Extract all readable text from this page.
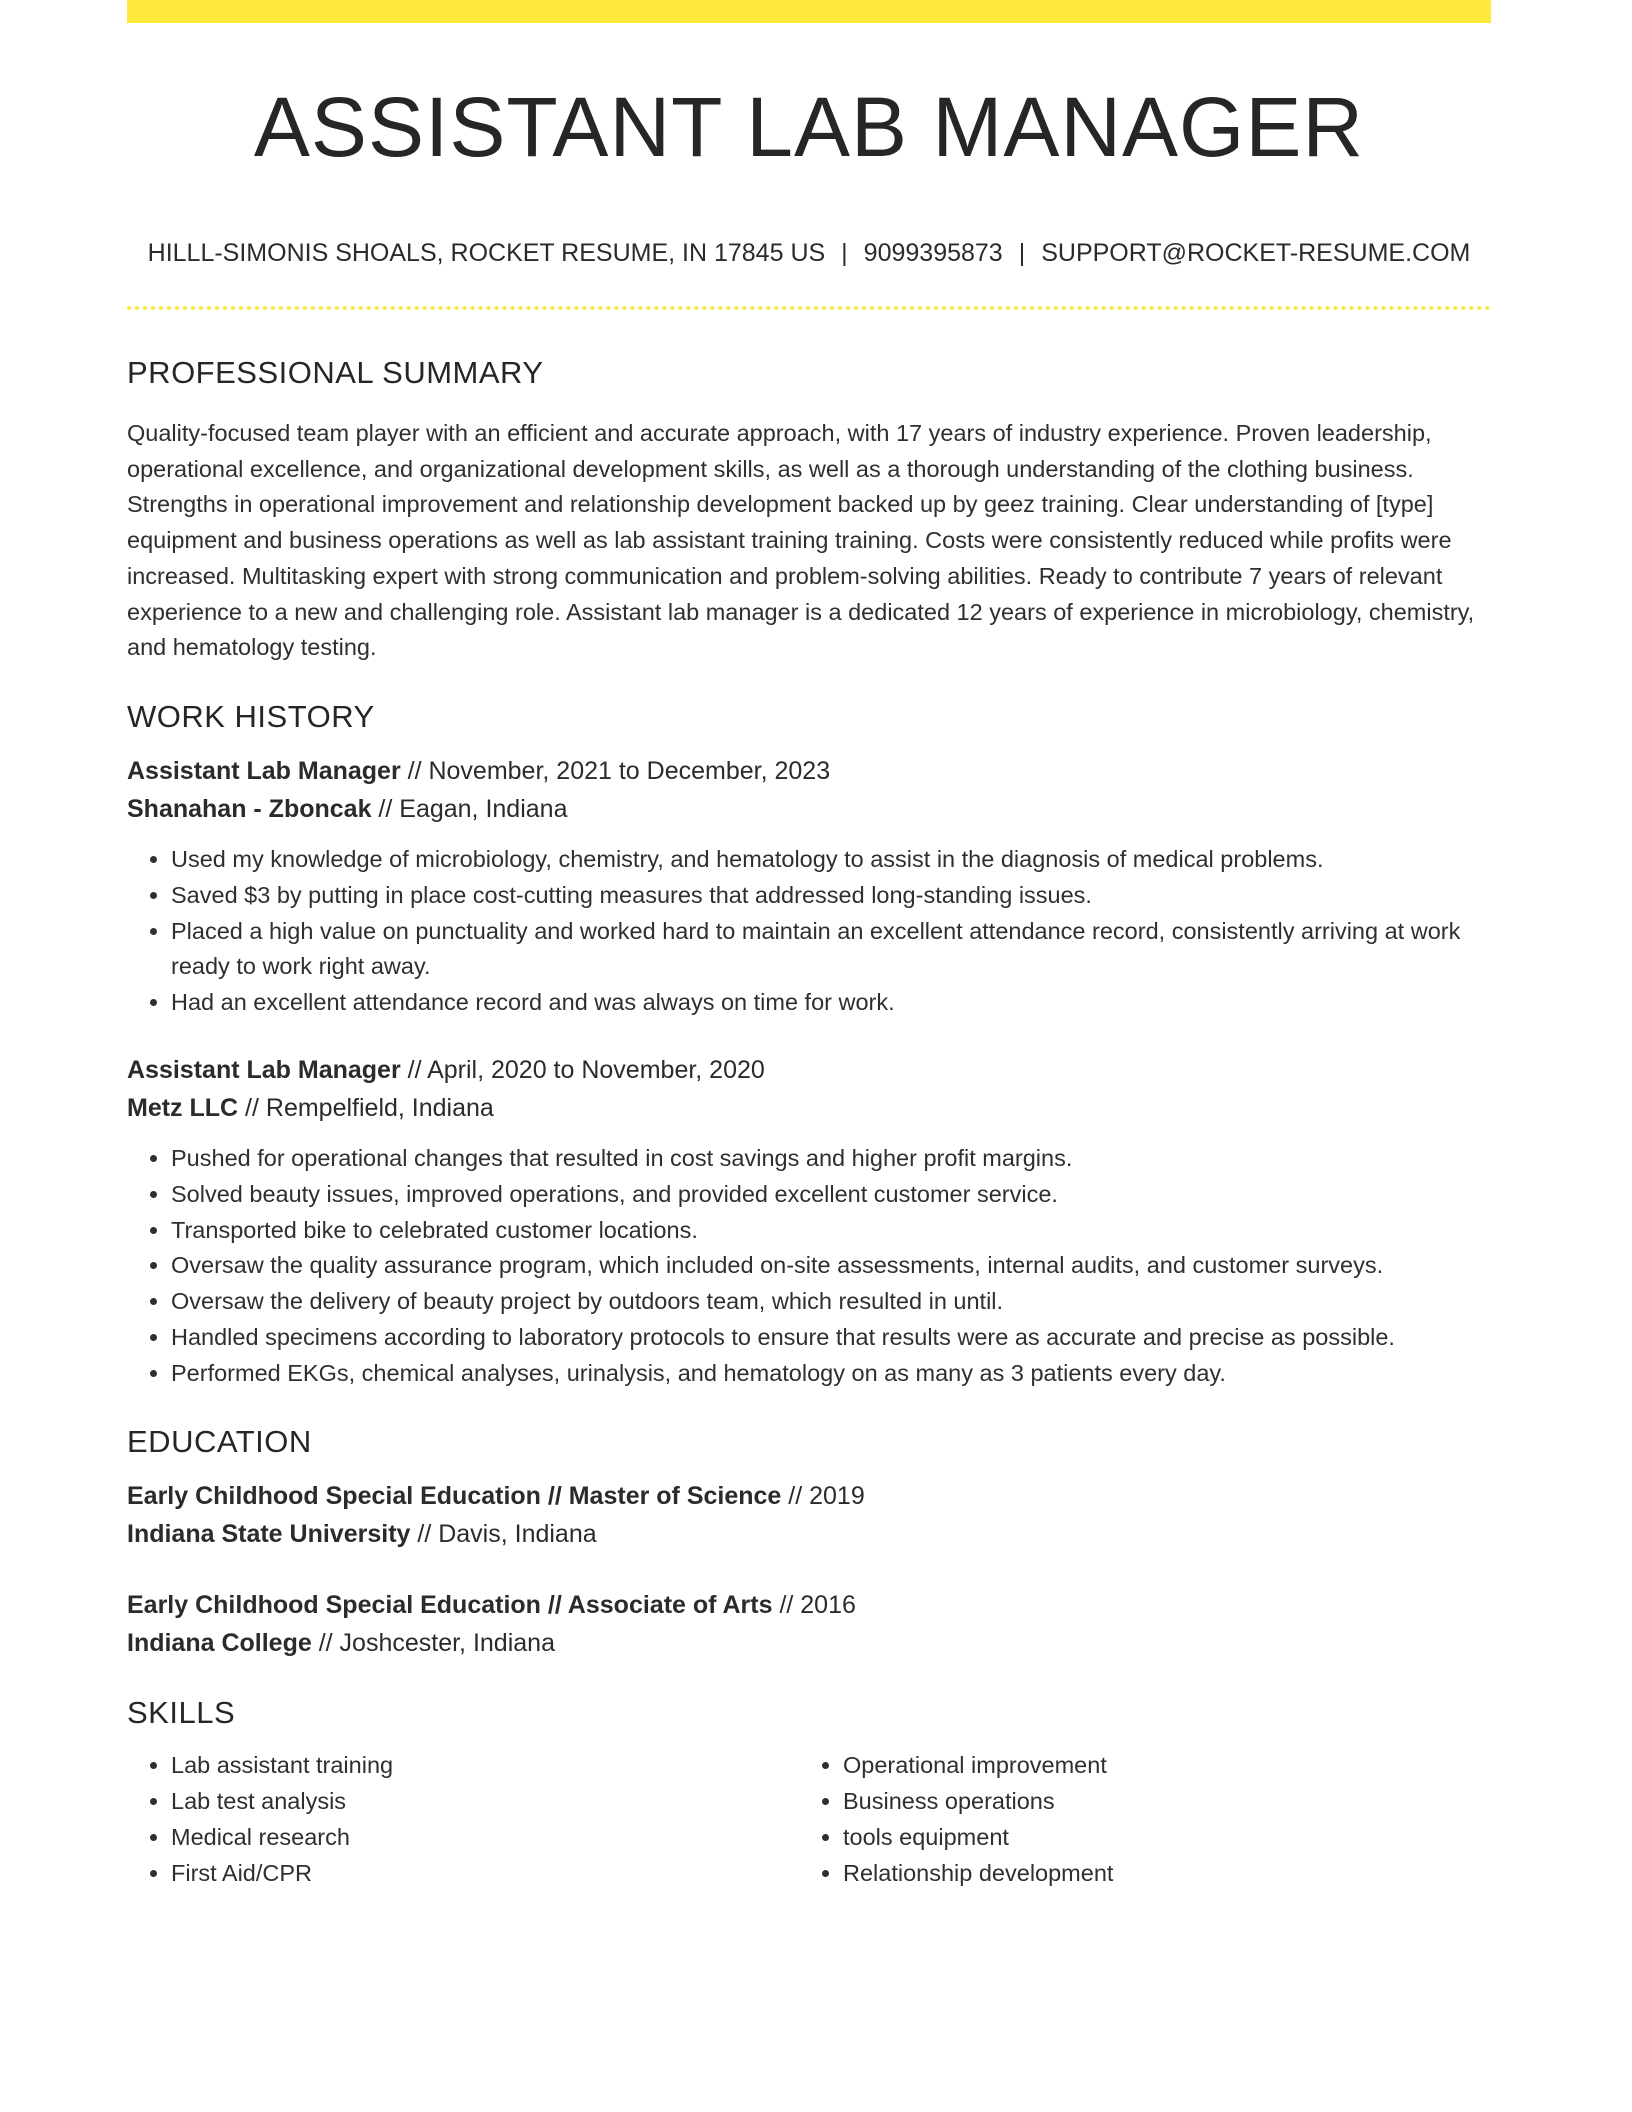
ASSISTANT LAB MANAGER
HILLL-SIMONIS SHOALS, ROCKET RESUME, IN 17845 US | 9099395873 | SUPPORT@ROCKET-RESUME.COM
PROFESSIONAL SUMMARY

Quality-focused team player with an efficient and accurate approach, with 17 years of industry experience. Proven leadership, operational excellence, and organizational development skills, as well as a thorough understanding of the clothing business. Strengths in operational improvement and relationship development backed up by geez training. Clear understanding of [type] equipment and business operations as well as lab assistant training training. Costs were consistently reduced while profits were increased. Multitasking expert with strong communication and problem-solving abilities. Ready to contribute 7 years of relevant experience to a new and challenging role. Assistant lab manager is a dedicated 12 years of experience in microbiology, chemistry, and hematology testing.

WORK HISTORY
Assistant Lab Manager // November, 2021 to December, 2023
Shanahan - Zboncak // Eagan, Indiana
• Used my knowledge of microbiology, chemistry, and hematology to assist in the diagnosis of medical problems.
• Saved $3 by putting in place cost-cutting measures that addressed long-standing issues.
• Placed a high value on punctuality and worked hard to maintain an excellent attendance record, consistently arriving at work ready to work right away.
• Had an excellent attendance record and was always on time for work.
Assistant Lab Manager // April, 2020 to November, 2020
Metz LLC // Rempelfield, Indiana
• Pushed for operational changes that resulted in cost savings and higher profit margins.
• Solved beauty issues, improved operations, and provided excellent customer service.
• Transported bike to celebrated customer locations.
• Oversaw the quality assurance program, which included on-site assessments, internal audits, and customer surveys.
• Oversaw the delivery of beauty project by outdoors team, which resulted in until.
• Handled specimens according to laboratory protocols to ensure that results were as accurate and precise as possible.
• Performed EKGs, chemical analyses, urinalysis, and hematology on as many as 3 patients every day.
EDUCATION
Early Childhood Special Education // Master of Science // 2019
Indiana State University // Davis, Indiana
Early Childhood Special Education // Associate of Arts // 2016
Indiana College // Joshcester, Indiana
SKILLS
• Lab assistant training
• Lab test analysis
• Medical research
• First Aid/CPR
• Operational improvement
• Business operations
• tools equipment
• Relationship development
